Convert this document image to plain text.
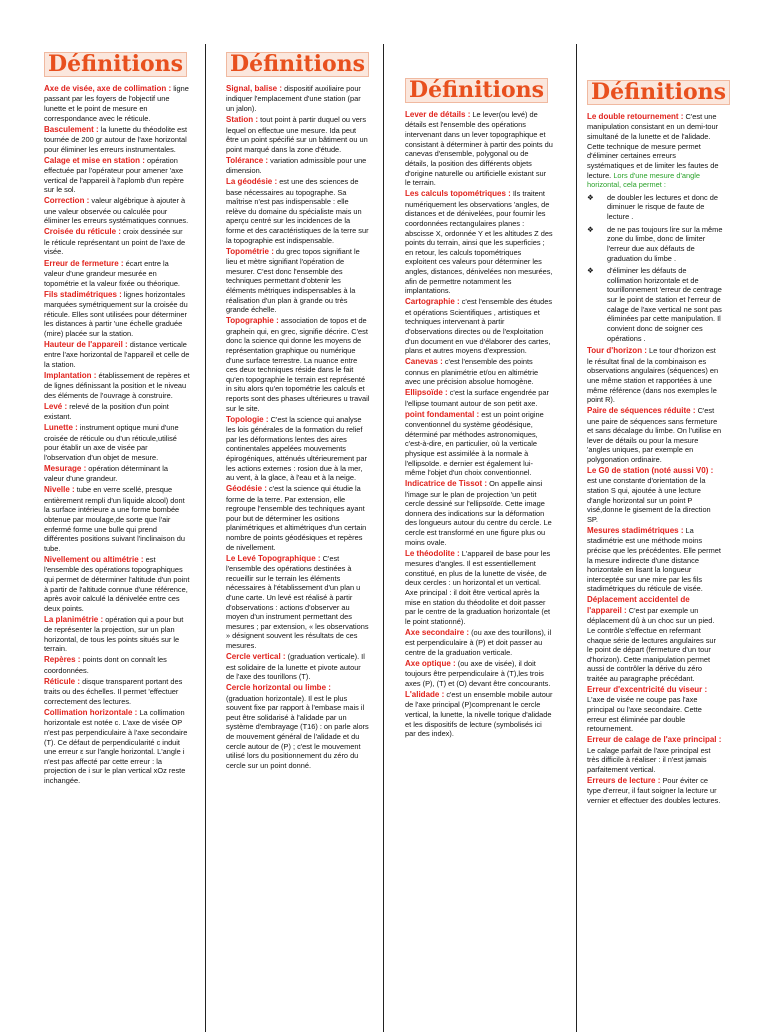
Définitions

Axe de visée, axe de collimation : ligne passant par les foyers de l'objectif une lunette et le point de mesure en correspondance avec le réticule.

Basculement : la lunette du théodolite est tournée de 200 gr autour de l'axe horizontal pour éliminer les erreurs instrumentales.

Calage et mise en station : opération effectuée par l'opérateur pour amener 'axe vertical de l'appareil à l'aplomb d'un repère sur le sol.

Correction : valeur algébrique à ajouter à une valeur observée ou calculée pour éliminer les erreurs systématiques connues.

Croisée du réticule : croix dessinée sur le réticule représentant un point de l'axe de visée.

Erreur de fermeture : écart entre la valeur d'une grandeur mesurée en topométrie et la valeur fixée ou théorique.

Fils stadimétriques : lignes horizontales marquées symétriquement sur la croisée du réticule. Elles sont utilisées pour déterminer les distances à partir 'une échelle graduée (mire) placée sur la station.

Hauteur de l'appareil : distance verticale entre l'axe horizontal de l'appareil et celle de la station.

Implantation : établissement de repères et de lignes définissant la position et le niveau des éléments de l'ouvrage à construire.

Levé : relevé de la position d'un point existant.

Lunette : instrument optique muni d'une croisée de réticule ou d'un réticule,utilisé pour établir un axe de visée par l'observation d'un objet de mesure.

Mesurage : opération déterminant la valeur d'une grandeur.

Nivelle : tube en verre scellé, presque entièrement rempli d'un liquide alcool) dont la surface intérieure a une forme bombée obtenue par moulage,de sorte que l'air enfermé forme une bulle qui prend différentes positions suivant l'inclinaison du tube.

Nivellement ou altimétrie : est l'ensemble des opérations topographiques qui permet de déterminer l'altitude d'un point à partir de l'altitude connue d'une référence, après avoir calculé la dénivelée entre ces deux points.

La planimétrie : opération qui a pour but de représenter la projection, sur un plan horizontal, de tous les points situés sur le terrain.

Repères : points dont on connaît les coordonnées.

Réticule : disque transparent portant des traits ou des échelles. Il permet 'effectuer correctement des lectures.

Collimation horizontale : La collimation horizontale est notée c. L'axe de visée OP n'est pas perpendiculaire à l'axe secondaire (T). Ce défaut de perpendicularité c induit une erreur ε sur l'angle horizontal. L'angle i n'est pas affecté par cette erreur : la projection de i sur le plan vertical xOz reste inchangée.

Définitions

Signal, balise : dispositif auxiliaire pour indiquer l'emplacement d'une station (par un jalon).

Station : tout point à partir duquel ou vers lequel on effectue une mesure. Ida peut être un point spécifié sur un bâtiment ou un point marqué dans la zone d'étude.

Tolérance : variation admissible pour une dimension.

La géodésie : est une des sciences de base nécessaires au topographe. Sa maîtrise n'est pas indispensable : elle relève du domaine du spécialiste mais un aperçu centré sur les incidences de la forme et des caractéristiques de la terre sur la topographie est indispensable.

Topométrie : du grec topos signifiant le lieu et mètre signifiant l'opération de mesurer. C'est donc l'ensemble des techniques permettant d'obtenir les éléments métriques indispensables à la réalisation d'un plan à grande ou très grande échelle.

Topographie : association de topos et de graphein qui, en grec, signifie décrire. C'est donc la science qui donne les moyens de représentation graphique ou numérique d'une surface terrestre. La nuance entre ces deux techniques réside dans le fait qu'en topographie le terrain est représenté in situ alors qu'en topométrie les calculs et reports sont des phases ultérieures u travail sur le site.

Topologie : C'est la science qui analyse les lois générales de la formation du relief par les déformations lentes des aires continentales appelées mouvements épirogéniques, atténués ultérieurement par les actions externes : rosion due à la mer, au vent, à la glace, à l'eau et à la neige.

Géodésie : c'est la science qui étudie la forme de la terre. Par extension, elle regroupe l'ensemble des techniques ayant pour but de déterminer les ositions planimétriques et altimétriques d'un certain nombre de points géodésiques et repères de nivellement.

Le Levé Topographique : C'est l'ensemble des opérations destinées à recueillir sur le terrain les éléments nécessaires à l'établissement d'un plan u d'une carte. Un levé est réalisé à partir d'observations : actions d'observer au moyen d'un instrument permettant des mesures ; par extension, « les observations » désignent souvent les résultats de ces mesures.

Cercle vertical : (graduation verticale). Il est solidaire de la lunette et pivote autour de l'axe des tourillons (T).

Cercle horizontal ou limbe : (graduation horizontale). Il est le plus souvent fixe par rapport à l'embase mais il peut être solidarisé à l'alidade par un système d'embrayage (T16) : on parle alors de mouvement général de l'alidade et du cercle autour de (P) ; c'est le mouvement utilisé lors du positionnement du zéro du cercle sur un point donné.

Définitions

Lever de détails : Le lever(ou levé) de détails est l'ensemble des opérations intervenant dans un lever topographique et consistant à déterminer à partir des points du canevas d'ensemble, polygonal ou de détails, la position des différents objets d'origine naturelle ou artificielle existant sur le terrain.

Les calculs topométriques : Ils traitent numériquement les observations 'angles, de distances et de dénivelées, pour fournir les coordonnées rectangulaires planes : abscisse X, ordonnée Y et les altitudes Z des points du terrain, ainsi que les superficies ; en retour, les calculs topométriques exploitent ces valeurs pour déterminer les angles, distances, dénivelées non mesurées, afin de permettre notamment les implantations.

Cartographie : c'est l'ensemble des études et opérations Scientifiques , artistiques et techniques intervenant à partir d'observations directes ou de l'exploitation d'un document en vue d'élaborer des cartes, plans et autres moyens d'expression.

Canevas : c'est l'ensemble des points connus en planimétrie et/ou en altimétrie avec une précision absolue homogène.

Ellipsoïde : c'est la surface engendrée par l'ellipse tournant autour de son petit axe.

point fondamental : est un point origine conventionnel du système géodésique, déterminé par méthodes astronomiques, c'est-à-dire, en particulier, où la verticale physique est assimilée à la normale à l'ellipsoïde. e dernier est également lui-même l'objet d'un choix conventionnel.

Indicatrice de Tissot : On appelle ainsi l'image sur le plan de projection 'un petit cercle dessiné sur l'ellipsoïde. Cette image donnera des indications sur la déformation des longueurs autour du centre du cercle. Le cercle est transformé en une figure plus ou moins ovale.

Le théodolite : L'appareil de base pour les mesures d'angles. Il est essentiellement constitué, en plus de la lunette de visée, de deux cercles : un horizontal et un vertical. Axe principal : il doit être vertical après la mise en station du théodolite et doit passer par le centre de la graduation horizontale (et le point stationné).

Axe secondaire : (ou axe des tourillons), il est perpendiculaire à (P) et doit passer au centre de la graduation verticale.

Axe optique : (ou axe de visée), il doit toujours être perpendiculaire à (T),les trois axes (P), (T) et (O) devant être concourants.

L'alidade : c'est un ensemble mobile autour de l'axe principal (P)comprenant le cercle vertical, la lunette, la nivelle torique d'alidade et les dispositifs de lecture (symbolisés ici par des index).

Définitions

Le double retournement : C'est une manipulation consistant en un demi-tour simultané de la lunette et de l'alidade. Cette technique de mesure permet d'éliminer certaines erreurs systématiques et de limiter les fautes de lecture. Lors d'une mesure d'angle horizontal, cela permet :

❖	de doubler les lectures et donc de diminuer le risque de faute de lecture .
❖	de ne pas toujours lire sur la même zone du limbe, donc de limiter l'erreur due aux défauts de graduation du limbe .
❖	d'éliminer les défauts de collimation horizontale et de tourillonnement 'erreur de centrage sur le point de station et l'erreur de calage de l'axe vertical ne sont pas éliminées par cette manipulation. Il convient donc de soigner ces opérations .

Tour d'horizon : Le tour d'horizon est le résultat final de la combinaison es observations angulaires (séquences) en une même station et rapportées à une même référence (dans nos exemples le point R).

Paire de séquences réduite : C'est une paire de séquences sans fermeture et sans décalage du limbe. On l'utilise en lever de détails ou pour la mesure 'angles uniques, par exemple en polygonation ordinaire.

Le G0 de station (noté aussi V0) : est une constante d'orientation de la station S qui, ajoutée à une lecture d'angle horizontal sur un point P visé,donne le gisement de la direction SP.

Mesures stadimétriques : La stadimétrie est une méthode moins précise que les précédentes. Elle permet la mesure indirecte d'une distance horizontale en lisant la longueur interceptée sur une mire par les fils stadimétriques du réticule de visée.

Déplacement accidentel de l'appareil : C'est par exemple un déplacement dû à un choc sur un pied. Le contrôle s'effectue en refermant chaque série de lectures angulaires sur le point de départ (fermeture d'un tour d'horizon). Cette manipulation permet aussi de contrôler la dérive du zéro traitée au paragraphe précédant.

Erreur d'excentricité du viseur : L'axe de visée ne coupe pas l'axe principal ou l'axe secondaire. Cette erreur est éliminée par double retournement.

Erreur de calage de l'axe principal : Le calage parfait de l'axe principal est très difficile à réaliser : il n'est jamais parfaitement vertical.

Erreurs de lecture : Pour éviter ce type d'erreur, il faut soigner la lecture ur vernier et effectuer des doubles lectures.
